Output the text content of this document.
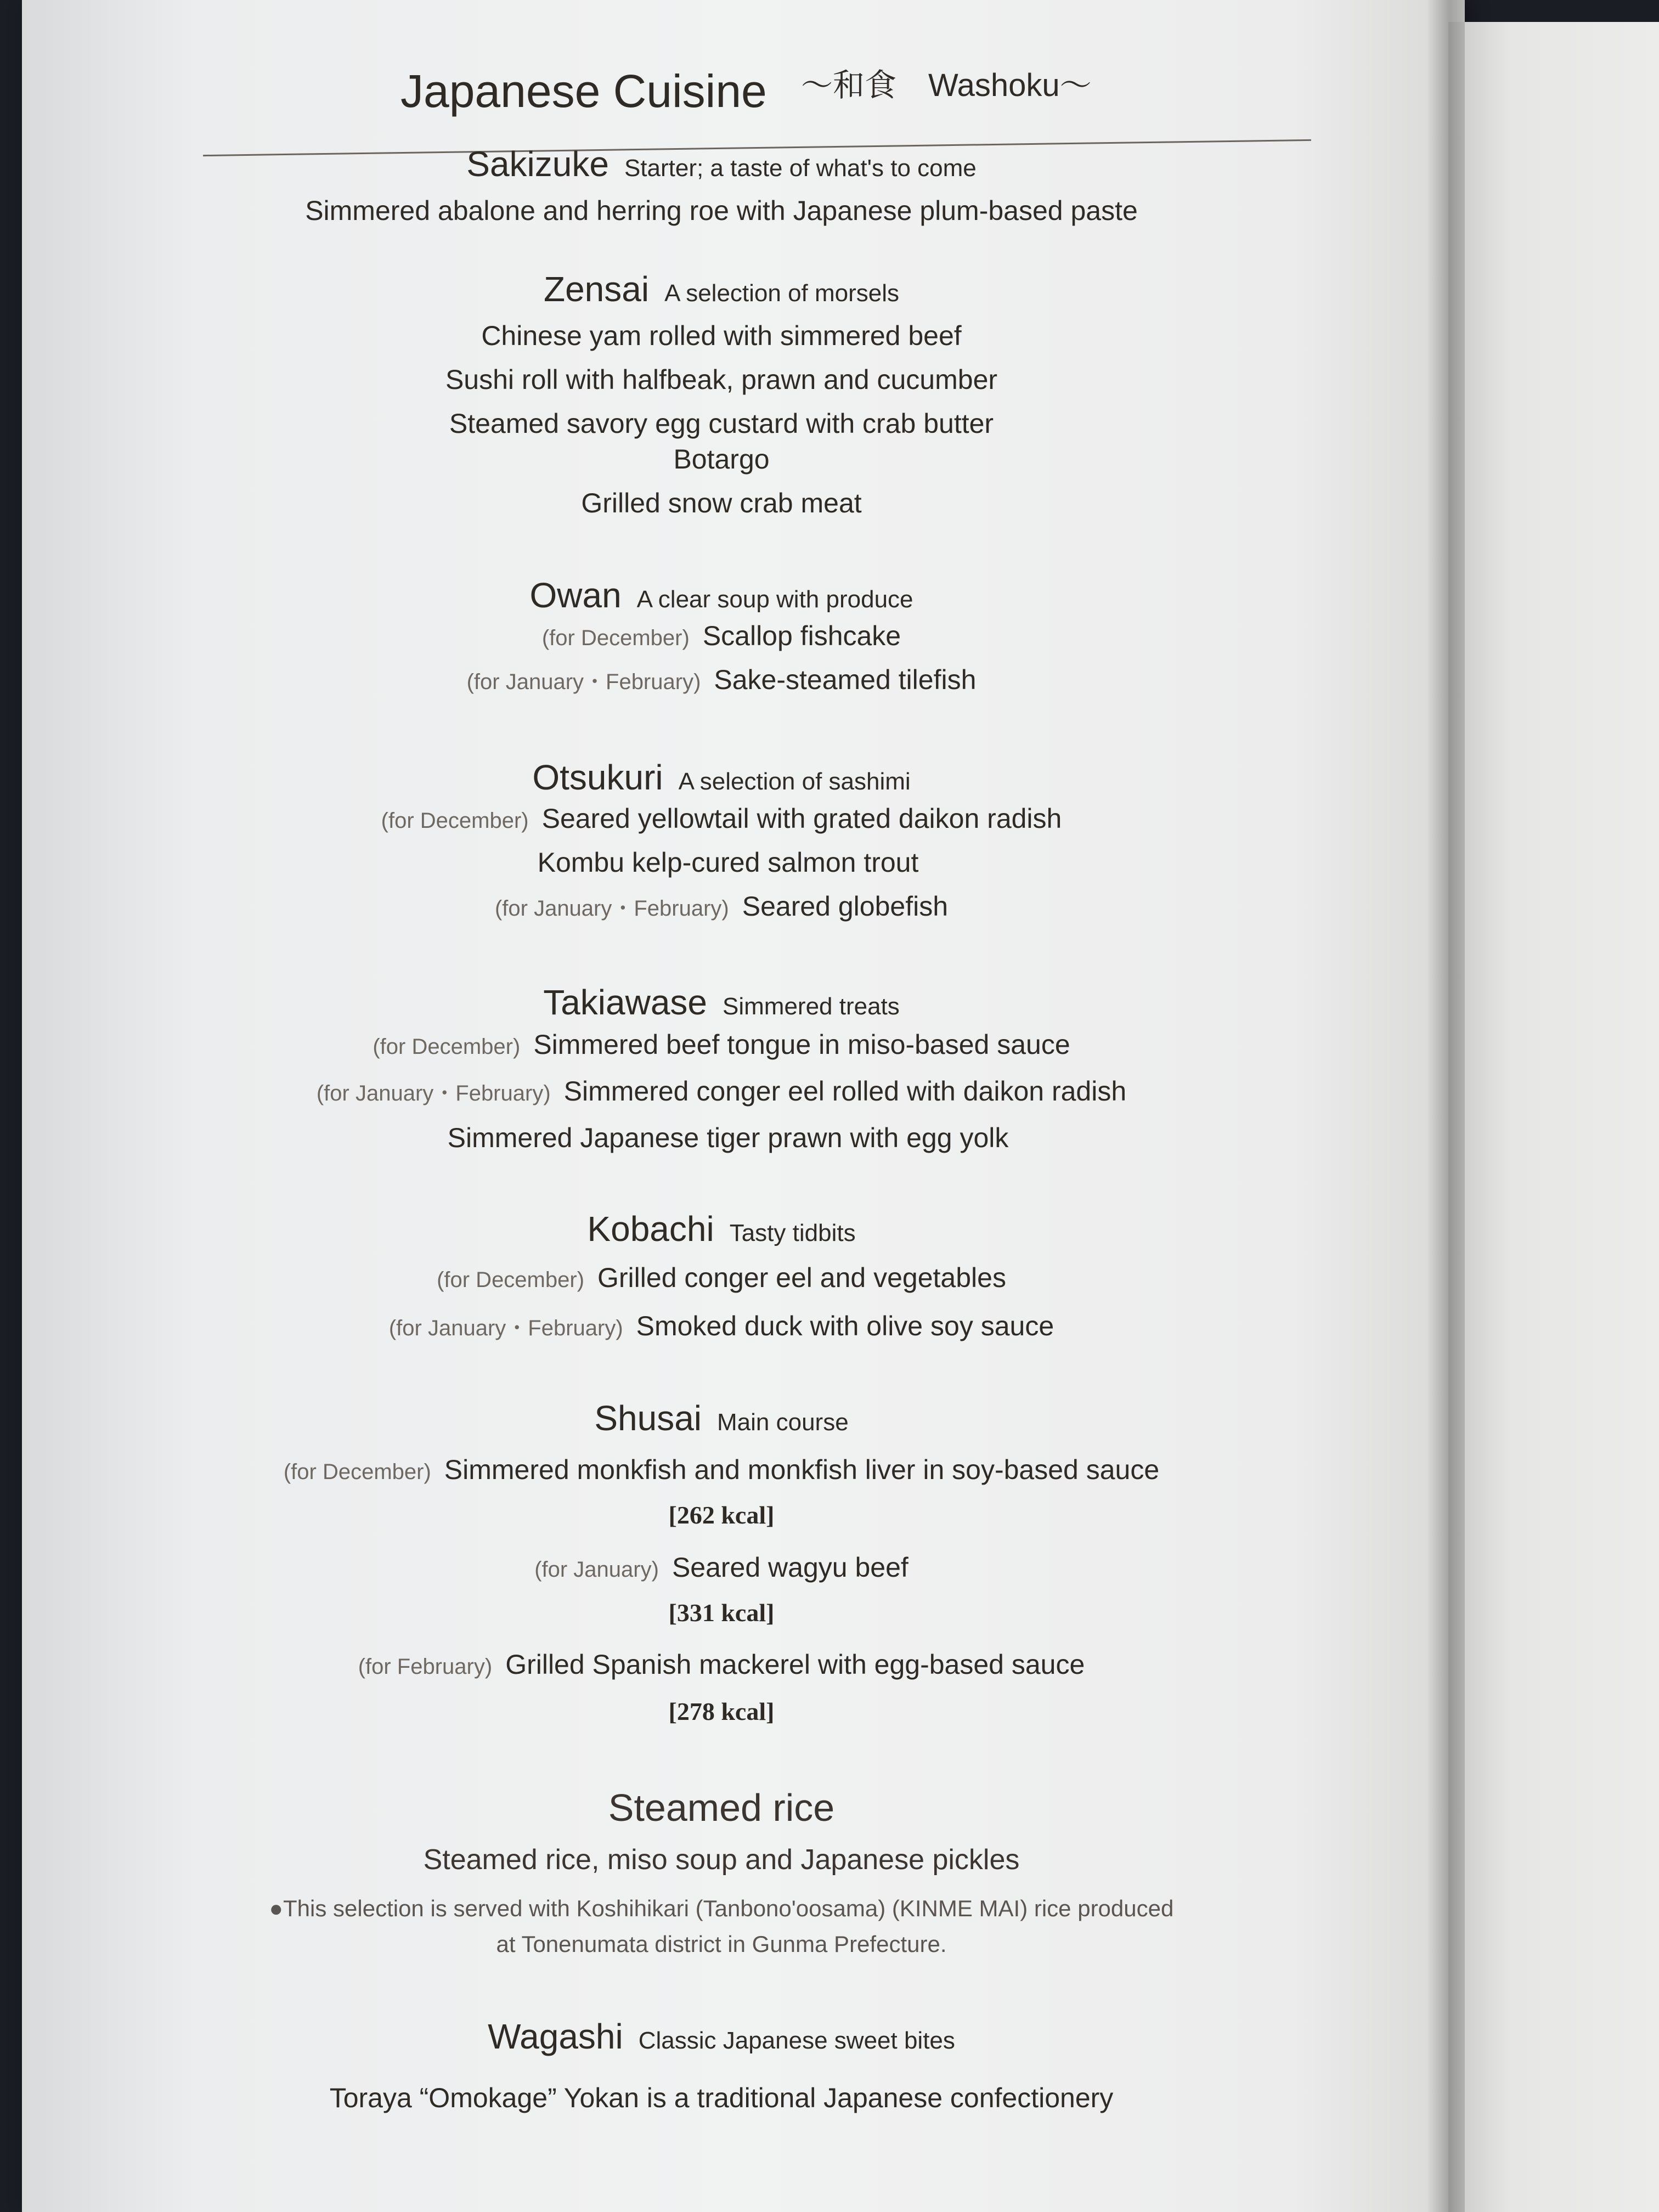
Japanese Cuisine ～和食　Washoku～
Sakizuke Starter; a taste of what's to come
Simmered abalone and herring roe with Japanese plum-based paste
Zensai A selection of morsels
Chinese yam rolled with simmered beef
Sushi roll with halfbeak, prawn and cucumber
Steamed savory egg custard with crab butter
Botargo
Grilled snow crab meat
Owan A clear soup with produce
(for December) Scallop fishcake
(for January・February) Sake-steamed tilefish
Otsukuri A selection of sashimi
(for December) Seared yellowtail with grated daikon radish
Kombu kelp-cured salmon trout
(for January・February) Seared globefish
Takiawase Simmered treats
(for December) Simmered beef tongue in miso-based sauce
(for January・February) Simmered conger eel rolled with daikon radish
Simmered Japanese tiger prawn with egg yolk
Kobachi Tasty tidbits
(for December) Grilled conger eel and vegetables
(for January・February) Smoked duck with olive soy sauce
Shusai Main course
(for December) Simmered monkfish and monkfish liver in soy-based sauce
[262 kcal]
(for January) Seared wagyu beef
[331 kcal]
(for February) Grilled Spanish mackerel with egg-based sauce
[278 kcal]
Steamed rice
Steamed rice, miso soup and Japanese pickles
●This selection is served with Koshihikari (Tanbono'oosama) (KINME MAI) rice produced
at Tonenumata district in Gunma Prefecture.
Wagashi Classic Japanese sweet bites
Toraya “Omokage” Yokan is a traditional Japanese confectionery
